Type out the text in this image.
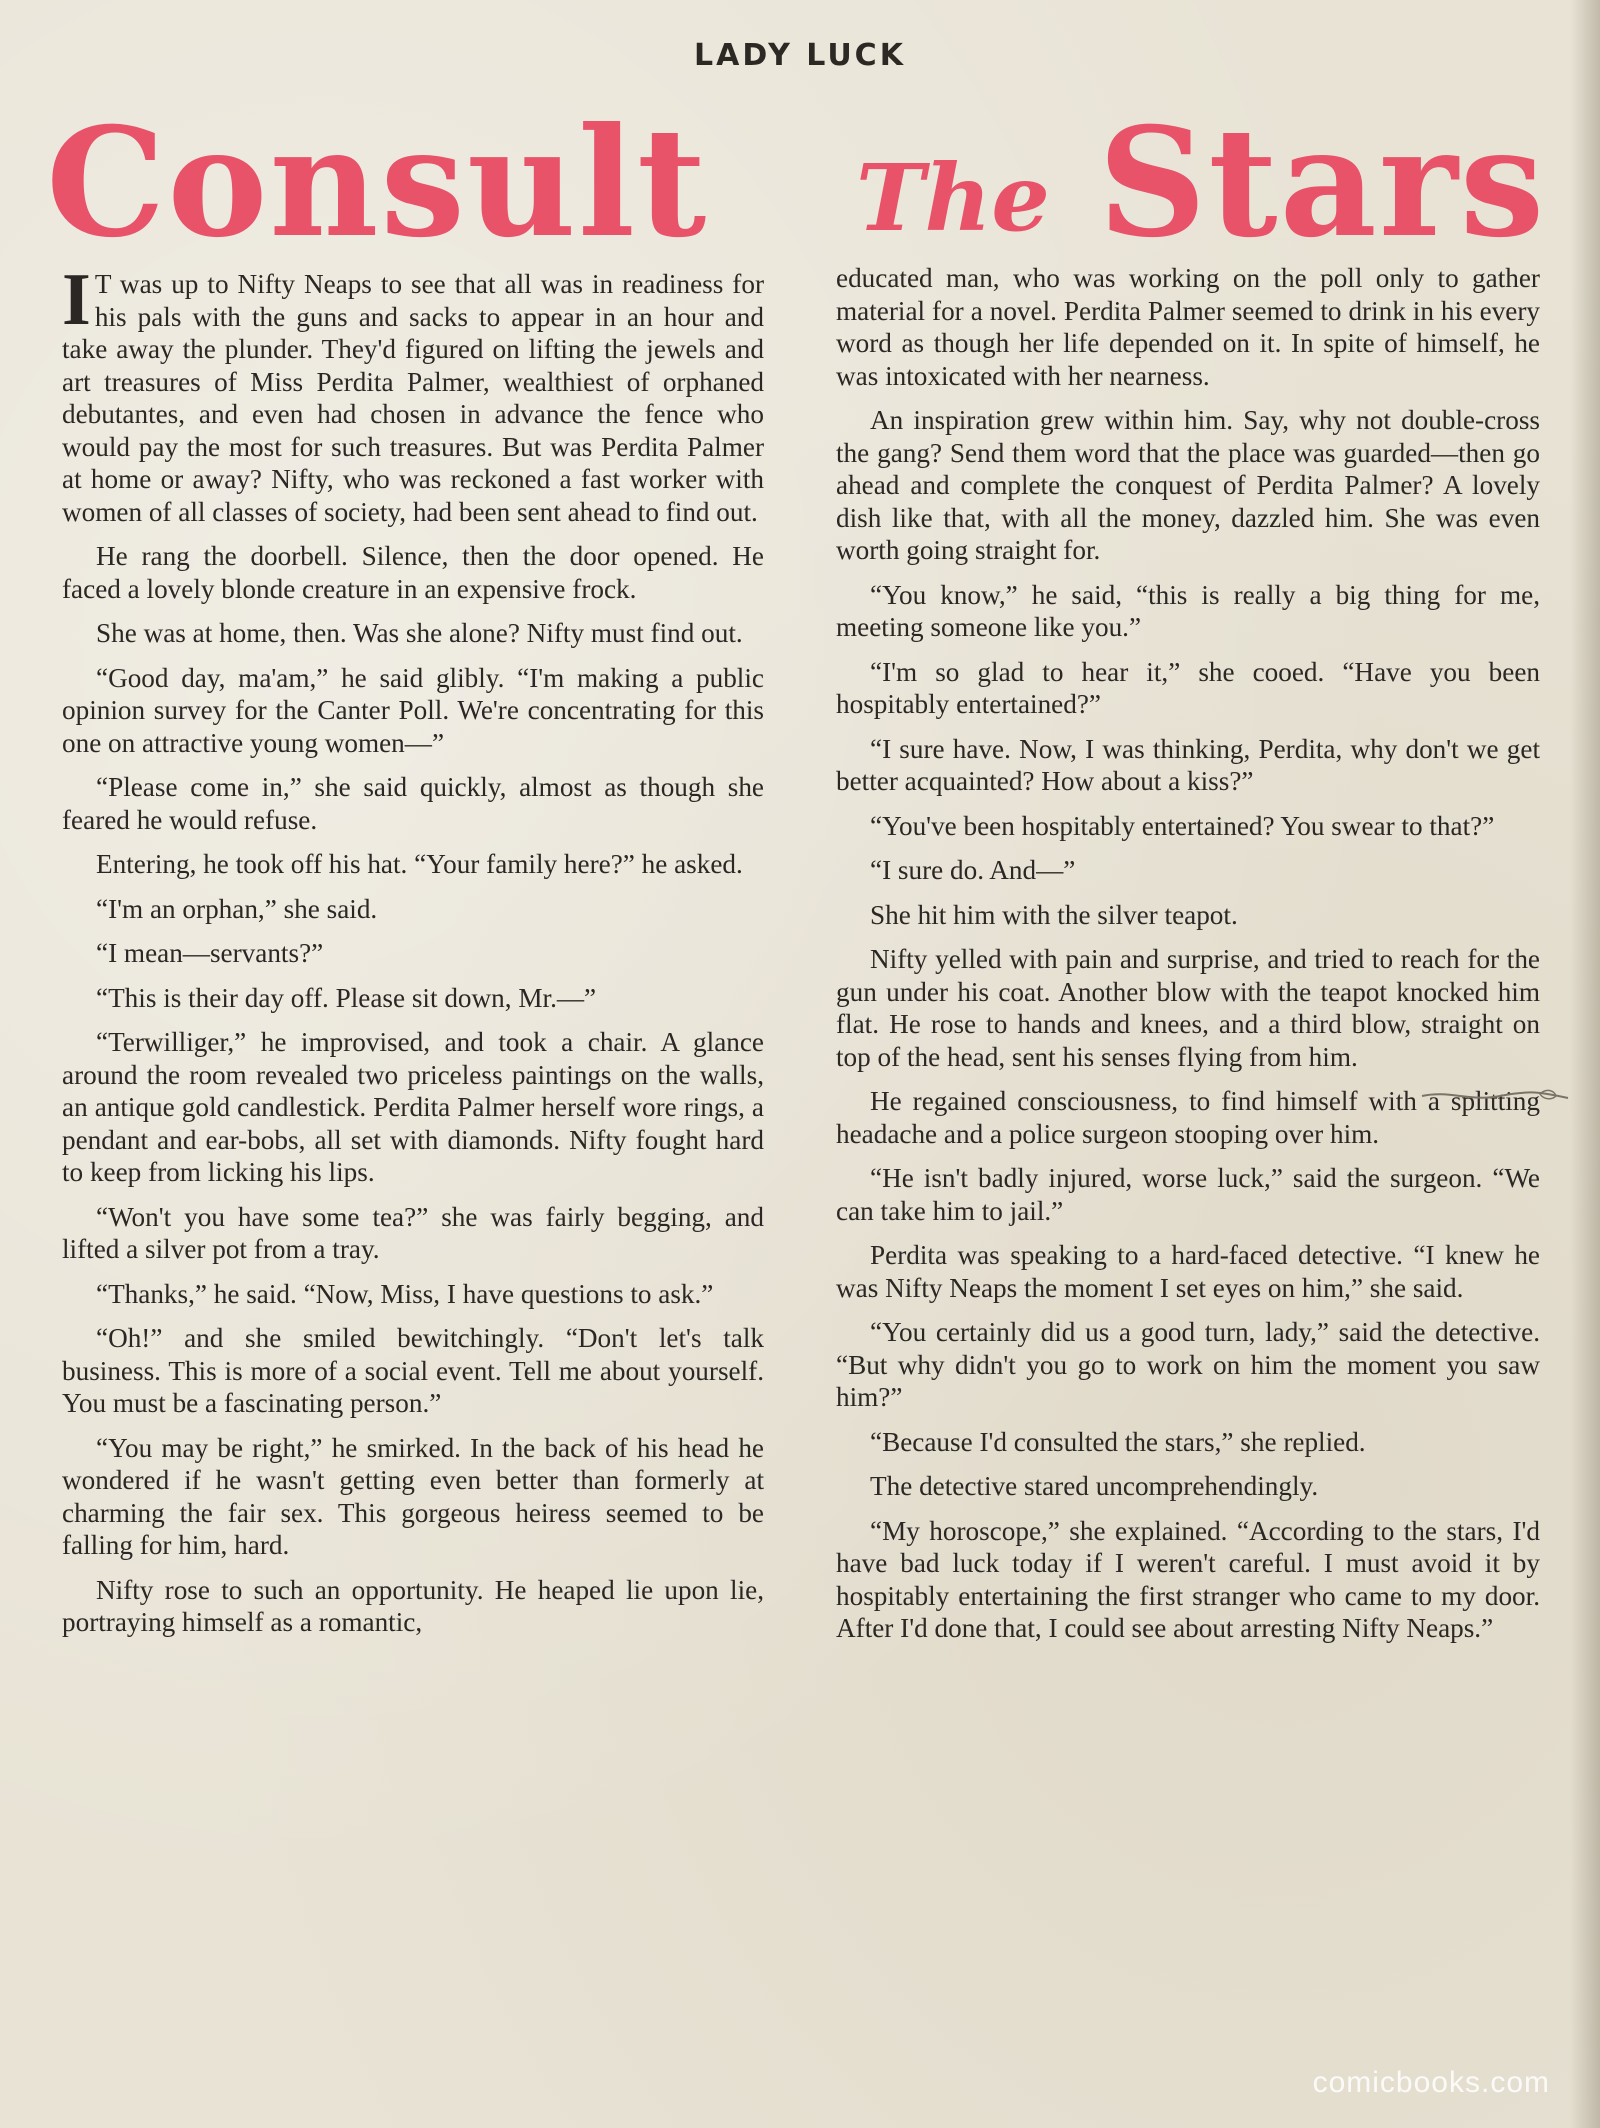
LADY LUCK
Consult The Stars

I T was up to Nifty Neaps to see that all was in readiness for his pals with the guns and sacks to appear in an hour and take away the plunder. They'd figured on lifting the jewels and art treasures of Miss Perdita Palmer, wealthiest of orphaned debutantes, and even had chosen in advance the fence who would pay the most for such treasures. But was Perdita Palmer at home or away? Nifty, who was reckoned a fast worker with women of all classes of society, had been sent ahead to find out.

He rang the doorbell. Silence, then the door opened. He faced a lovely blonde creature in an expensive frock.

She was at home, then. Was she alone? Nifty must find out.

“Good day, ma'am,” he said glibly. “I'm making a public opinion survey for the Canter Poll. We're concentrating for this one on attractive young women—”

“Please come in,” she said quickly, almost as though she feared he would refuse.

Entering, he took off his hat. “Your family here?” he asked.

“I'm an orphan,” she said.

“I mean—servants?”

“This is their day off. Please sit down, Mr.—”

“Terwilliger,” he improvised, and took a chair. A glance around the room revealed two priceless paintings on the walls, an antique gold candlestick. Perdita Palmer herself wore rings, a pendant and ear-bobs, all set with diamonds. Nifty fought hard to keep from licking his lips.

“Won't you have some tea?” she was fairly begging, and lifted a silver pot from a tray.

“Thanks,” he said. “Now, Miss, I have questions to ask.”

“Oh!” and she smiled bewitchingly. “Don't let's talk business. This is more of a social event. Tell me about yourself. You must be a fascinating person.”

“You may be right,” he smirked. In the back of his head he wondered if he wasn't getting even better than formerly at charming the fair sex. This gorgeous heiress seemed to be falling for him, hard.

Nifty rose to such an opportunity. He heaped lie upon lie, portraying himself as a romantic,

educated man, who was working on the poll only to gather material for a novel. Perdita Palmer seemed to drink in his every word as though her life depended on it. In spite of himself, he was intoxicated with her nearness.

An inspiration grew within him. Say, why not double-cross the gang? Send them word that the place was guarded—then go ahead and complete the conquest of Perdita Palmer? A lovely dish like that, with all the money, dazzled him. She was even worth going straight for.

“You know,” he said, “this is really a big thing for me, meeting someone like you.”

“I'm so glad to hear it,” she cooed. “Have you been hospitably entertained?”

“I sure have. Now, I was thinking, Perdita, why don't we get better acquainted? How about a kiss?”

“You've been hospitably entertained? You swear to that?”

“I sure do. And—”

She hit him with the silver teapot.

Nifty yelled with pain and surprise, and tried to reach for the gun under his coat. Another blow with the teapot knocked him flat. He rose to hands and knees, and a third blow, straight on top of the head, sent his senses flying from him.

He regained consciousness, to find himself with a splitting headache and a police surgeon stooping over him.

“He isn't badly injured, worse luck,” said the surgeon. “We can take him to jail.”

Perdita was speaking to a hard-faced detective. “I knew he was Nifty Neaps the moment I set eyes on him,” she said.

“You certainly did us a good turn, lady,” said the detective. “But why didn't you go to work on him the moment you saw him?”

“Because I'd consulted the stars,” she replied.

The detective stared uncomprehendingly.

“My horoscope,” she explained. “According to the stars, I'd have bad luck today if I weren't careful. I must avoid it by hospitably entertaining the first stranger who came to my door. After I'd done that, I could see about arresting Nifty Neaps.”

comicbooks.com
